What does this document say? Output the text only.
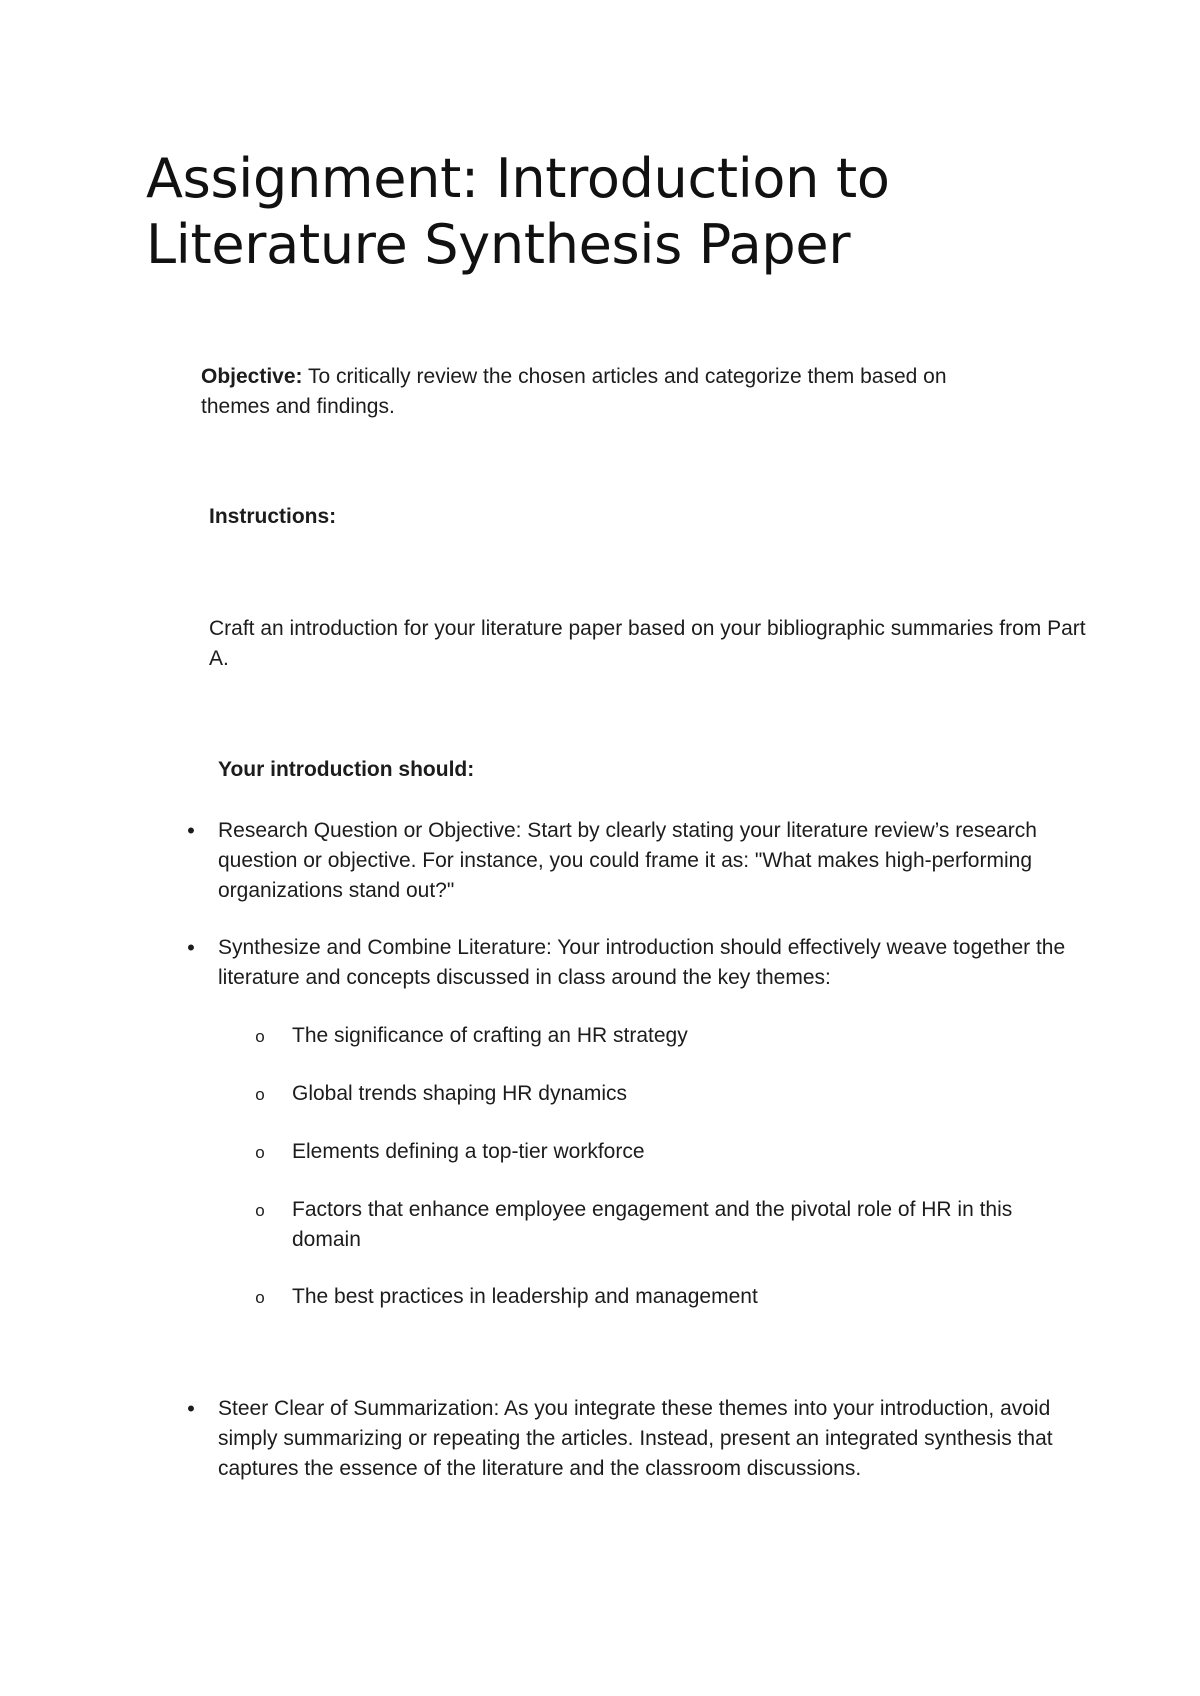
Assignment: Introduction to Literature Synthesis Paper

Objective: To critically review the chosen articles and categorize them based on themes and findings.

Instructions:

Craft an introduction for your literature paper based on your bibliographic summaries from Part A.

Your introduction should:

• Research Question or Objective: Start by clearly stating your literature review’s research question or objective. For instance, you could frame it as: "What makes high-performing organizations stand out?"
• Synthesize and Combine Literature: Your introduction should effectively weave together the literature and concepts discussed in class around the key themes:
o The significance of crafting an HR strategy
o Global trends shaping HR dynamics
o Elements defining a top-tier workforce
o Factors that enhance employee engagement and the pivotal role of HR in this domain
o The best practices in leadership and management
• Steer Clear of Summarization: As you integrate these themes into your introduction, avoid simply summarizing or repeating the articles. Instead, present an integrated synthesis that captures the essence of the literature and the classroom discussions.
